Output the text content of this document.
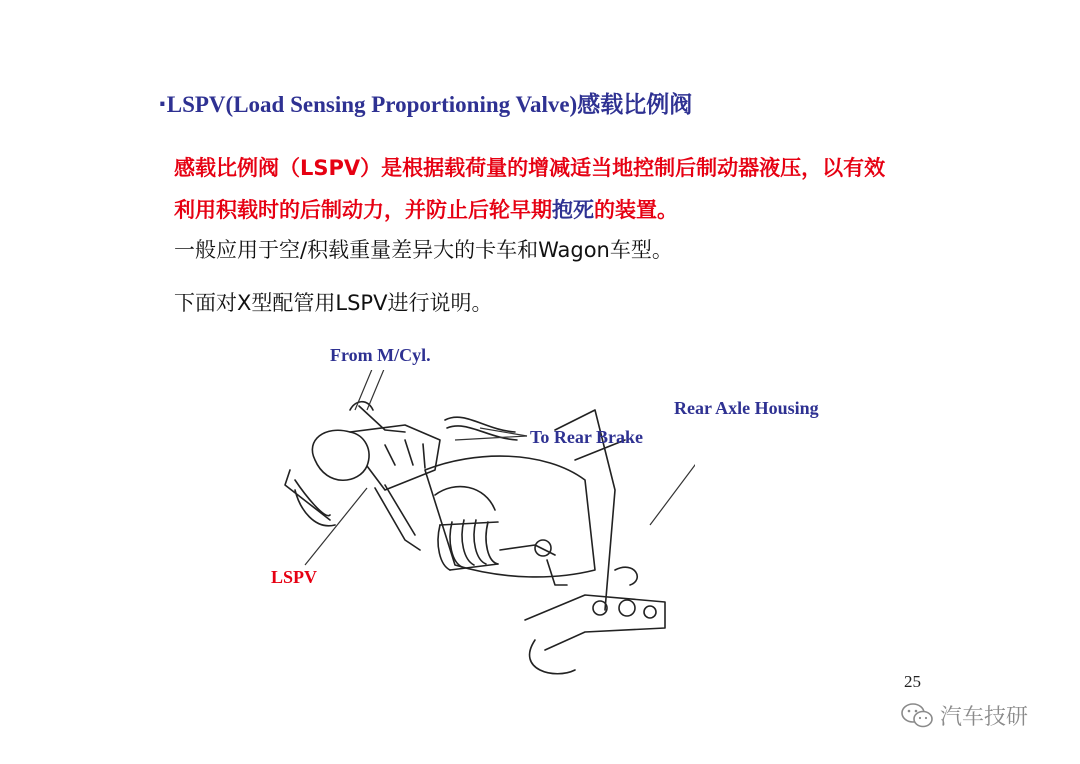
·LSPV(Load Sensing Proportioning Valve)感载比例阀
感载比例阀（LSPV）是根据载荷量的增减适当地控制后制动器液压，以有效
利用积载时的后制动力，并防止后轮早期抱死的装置。
一般应用于空/积载重量差异大的卡车和Wagon车型。
下面对X型配管用LSPV进行说明。
From M/Cyl.
To Rear Brake
Rear Axle Housing
LSPV
25
汽车技研
